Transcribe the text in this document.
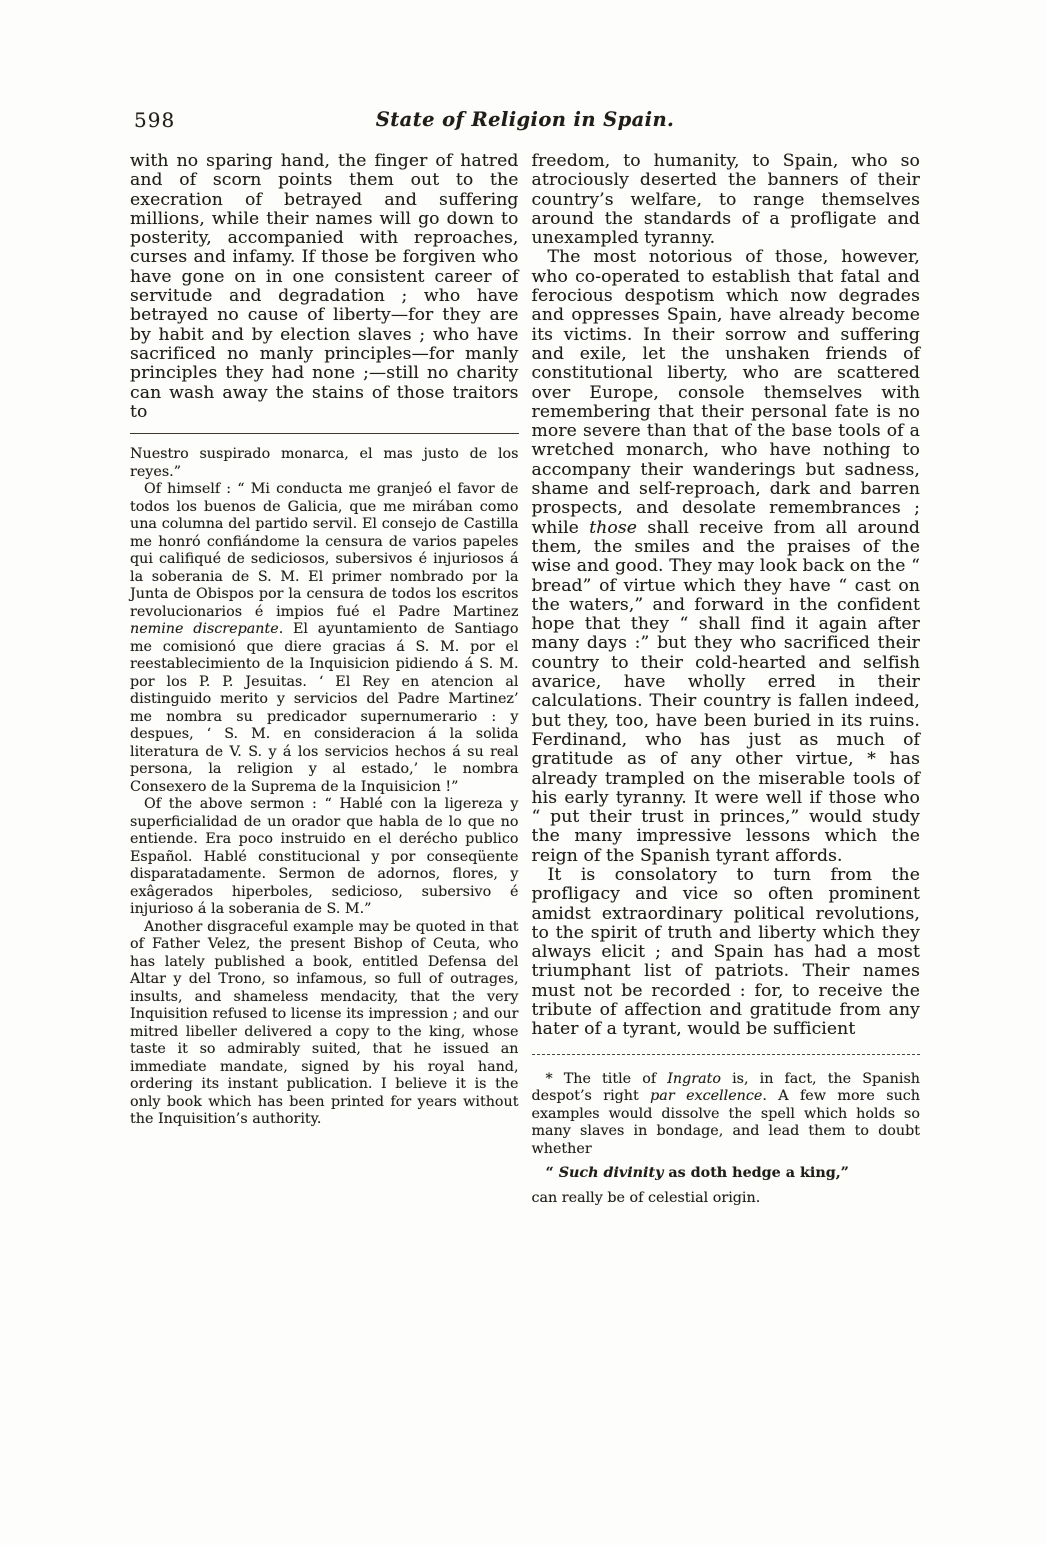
598	State of Religion in Spain.

with no sparing hand, the finger of hatred and of scorn points them out to the execration of betrayed and suffering millions, while their names will go down to posterity, accompanied with reproaches, curses and infamy. If those be forgiven who have gone on in one consistent career of servitude and degradation ; who have betrayed no cause of liberty—for they are by habit and by election slaves ; who have sacrificed no manly principles—for manly principles they had none ;—still no charity can wash away the stains of those traitors to

Nuestro suspirado monarca, el mas justo de los reyes.”

Of himself : “ Mi conducta me granjeó el favor de todos los buenos de Galicia, que me mirában como una columna del partido servil. El consejo de Castilla me honró confiándome la censura de varios papeles qui califiqué de sediciosos, subersivos é injuriosos á la soberania de S. M. El primer nombrado por la Junta de Obispos por la censura de todos los escritos revolucionarios é impios fué el Padre Martinez nemine discrepante. El ayuntamiento de Santiago me comisionó que diere gracias á S. M. por el reestablecimiento de la Inquisicion pidiendo á S. M. por los P. P. Jesuitas. ‘ El Rey en atencion al distinguido merito y servicios del Padre Martinez’ me nombra su predicador supernumerario : y despues, ‘ S. M. en consideracion á la solida literatura de V. S. y á los servicios hechos á su real persona, la religion y al estado,’ le nombra Consexero de la Suprema de la Inquisicion !”

Of the above sermon : “ Hablé con la ligereza y superficialidad de un orador que habla de lo que no entiende. Era poco instruido en el derécho publico Español. Hablé constitucional y por conseqüente disparatadamente. Sermon de adornos, flores, y exâgerados hiperboles, sedicioso, subersivo é injurioso á la soberania de S. M.”

Another disgraceful example may be quoted in that of Father Velez, the present Bishop of Ceuta, who has lately published a book, entitled Defensa del Altar y del Trono, so infamous, so full of outrages, insults, and shameless mendacity, that the very Inquisition refused to license its impression ; and our mitred libeller delivered a copy to the king, whose taste it so admirably suited, that he issued an immediate mandate, signed by his royal hand, ordering its instant publication. I believe it is the only book which has been printed for years without the Inquisition’s authority.

freedom, to humanity, to Spain, who so atrociously deserted the banners of their country’s welfare, to range themselves around the standards of a profligate and unexampled tyranny.

The most notorious of those, however, who co-operated to establish that fatal and ferocious despotism which now degrades and oppresses Spain, have already become its victims. In their sorrow and suffering and exile, let the unshaken friends of constitutional liberty, who are scattered over Europe, console themselves with remembering that their personal fate is no more severe than that of the base tools of a wretched monarch, who have nothing to accompany their wanderings but sadness, shame and self-reproach, dark and barren prospects, and desolate remembrances ; while those shall receive from all around them, the smiles and the praises of the wise and good. They may look back on the “ bread” of virtue which they have “ cast on the waters,” and forward in the confident hope that they “ shall find it again after many days :” but they who sacrificed their country to their cold-hearted and selfish avarice, have wholly erred in their calculations. Their country is fallen indeed, but they, too, have been buried in its ruins. Ferdinand, who has just as much of gratitude as of any other virtue, * has already trampled on the miserable tools of his early tyranny. It were well if those who “ put their trust in princes,” would study the many impressive lessons which the reign of the Spanish tyrant affords.

It is consolatory to turn from the profligacy and vice so often prominent amidst extraordinary political revolutions, to the spirit of truth and liberty which they always elicit ; and Spain has had a most triumphant list of patriots. Their names must not be recorded : for, to receive the tribute of affection and gratitude from any hater of a tyrant, would be sufficient

* The title of Ingrato is, in fact, the Spanish despot’s right par excellence. A few more such examples would dissolve the spell which holds so many slaves in bondage, and lead them to doubt whether

“ Such divinity as doth hedge a king,”

can really be of celestial origin.
